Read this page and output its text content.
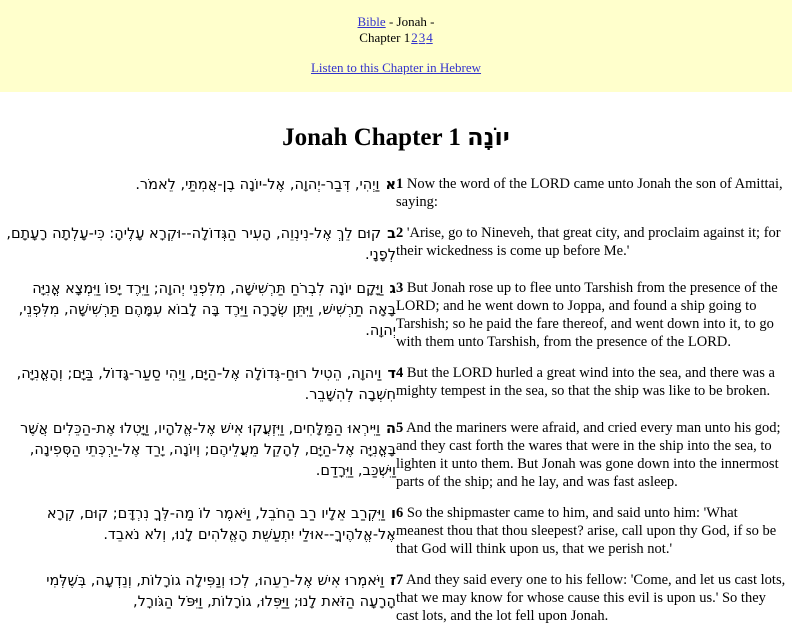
Bible - Jonah -
Chapter 1234
Listen to this Chapter in Hebrew
Jonah Chapter 1 יוֹנָה
אוַיְהִי, דְּבַר-יְהוָה, אֶל-יוֹנָה בֶן-אֲמִתַּי, לֵאמֹר.	1 Now the word of the LORD came unto Jonah the son of Amittai, saying:
בקוּם לֵךְ אֶל-נִינְוֵה, הָעִיר הַגְּדוֹלָה--וּקְרָא עָלֶיהָ: כִּי-עָלְתָה רָעָתָם, לְפָנָי.	2 'Arise, go to Nineveh, that great city, and proclaim against it; for their wickedness is come up before Me.'
גוַיָּקָם יוֹנָה לִבְרֹחַ תַּרְשִׁישָׁה, מִלִּפְנֵי יְהוָה; וַיֵּרֶד יָפוֹ וַיִּמְצָא אֳנִיָּה בָּאָה תַרְשִׁישׁ, וַיִּתֵּן שְׂכָרָה וַיֵּרֶד בָּה לָבוֹא עִמָּהֶם תַּרְשִׁישָׁה, מִלִּפְנֵי, יְהוָה.	3 But Jonah rose up to flee unto Tarshish from the presence of the LORD; and he went down to Joppa, and found a ship going to Tarshish; so he paid the fare thereof, and went down into it, to go with them unto Tarshish, from the presence of the LORD.
דוַיהוָה, הֵטִיל רוּחַ-גְּדוֹלָה אֶל-הַיָּם, וַיְהִי סַעַר-גָּדוֹל, בַּיָּם; וְהָאֳנִיָּה, חִשְׁבָה לְהִשָּׁבֵר.	4 But the LORD hurled a great wind into the sea, and there was a mighty tempest in the sea, so that the ship was like to be broken.
הוַיִּירְאוּ הַמַּלָּחִים, וַיִּזְעֲקוּ אִישׁ אֶל-אֱלֹהָיו, וַיָּטִלוּ אֶת-הַכֵּלִים אֲשֶׁר בָּאֳנִיָּה אֶל-הַיָּם, לְהָקֵל מֵעֲלֵיהֶם; וְיוֹנָה, יָרַד אֶל-יַרְכְּתֵי הַסְּפִינָה, וַיִּשְׁכַּב, וַיֵּרָדַם.	5 And the mariners were afraid, and cried every man unto his god; and they cast forth the wares that were in the ship into the sea, to lighten it unto them. But Jonah was gone down into the innermost parts of the ship; and he lay, and was fast asleep.
ווַיִּקְרַב אֵלָיו רַב הַחֹבֵל, וַיֹּאמֶר לוֹ מַה-לְּךָ נִרְדָּם; קוּם, קְרָא אֶל-אֱלֹהֶיךָ--אוּלַי יִתְעַשֵּׁת הָאֱלֹהִים לָנוּ, וְלֹא נֹאבֵד.	6 So the shipmaster came to him, and said unto him: 'What meanest thou that thou sleepest? arise, call upon thy God, if so be that God will think upon us, that we perish not.'
זוַיֹּאמְרוּ אִישׁ אֶל-רֵעֵהוּ, לְכוּ וְנַפִּילָה גוֹרָלוֹת, וְנֵדְעָה, בְּשֶׁלְּמִי הָרָעָה הַזֹּאת לָנוּ; וַיַּפִּלוּ, גוֹרָלוֹת, וַיִּפֹּל הַגֹּורָל,	7 And they said every one to his fellow: 'Come, and let us cast lots, that we may know for whose cause this evil is upon us.' So they cast lots, and the lot fell upon Jonah.
